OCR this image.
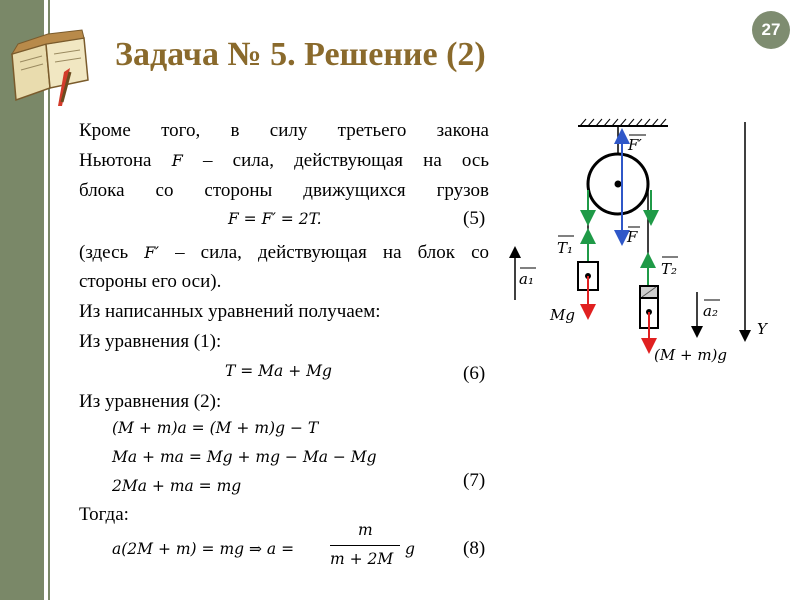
27
Задача № 5. Решение (2)
Кроме того, в силу третьего закона
Ньютона F – сила, действующая на ось
блока со стороны движущихся грузов
F = F′ = 2T.	(5)
(здесь F′ – сила, действующая на блок со
стороны его оси).
Из написанных уравнений получаем:
Из уравнения (1):
T = Ma + Mg	(6)
Из уравнения (2):
(M + m)a = (M + m)g − T
Ma + ma = Mg + mg − Ma − Mg
2Ma + ma = mg	(7)
Тогда:
a(2M + m) = mg ⇒ a =
m
m + 2M
g	(8)
F′
F
T₁
T₂
a₁
a₂
Mg
(M + m)g
Y
